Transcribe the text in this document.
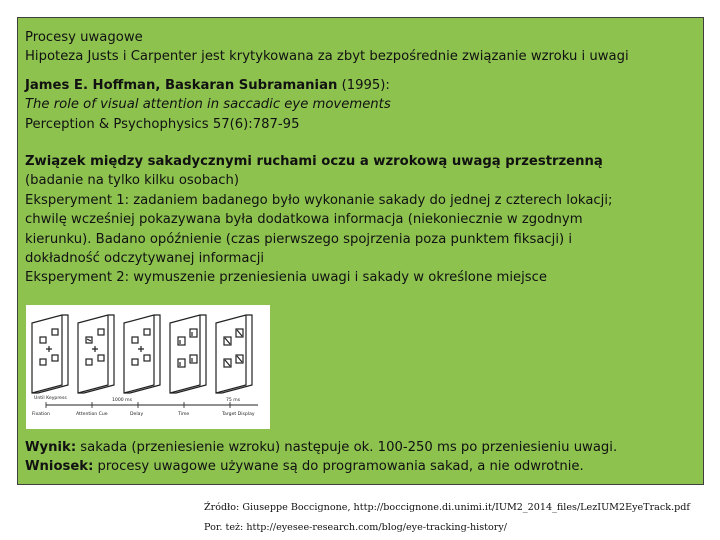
Procesy uwagowe
Hipoteza Justs i Carpenter jest krytykowana za zbyt bezpośrednie związanie wzroku i uwagi
James E. Hoffman, Baskaran Subramanian (1995):
The role of visual attention in saccadic eye movements
Perception & Psychophysics 57(6):787-95
Związek między sakadycznymi ruchami oczu a wzrokową uwagą przestrzenną
(badanie na tylko kilku osobach)
Eksperyment 1: zadaniem badanego było wykonanie sakady do jednej z czterech lokacji;
chwilę wcześniej pokazywana była dodatkowa informacja (niekoniecznie w zgodnym
kierunku). Badano opóźnienie (czas pierwszego spojrzenia poza punktem fiksacji) i
dokładność odczytywanej informacji
Eksperyment 2: wymuszenie przeniesienia uwagi i sakady w określone miejsce
Fixation	Attention Cue	Delay	Time	Target Display
Until Keypress	1000 ms	75 ms
Wynik: sakada (przeniesienie wzroku) następuje ok. 100-250 ms po przeniesieniu uwagi.
Wniosek: procesy uwagowe używane są do programowania sakad, a nie odwrotnie.
Źródło: Giuseppe Boccignone, http://boccignone.di.unimi.it/IUM2_2014_files/LezIUM2EyeTrack.pdf
Por. też: http://eyesee-research.com/blog/eye-tracking-history/
